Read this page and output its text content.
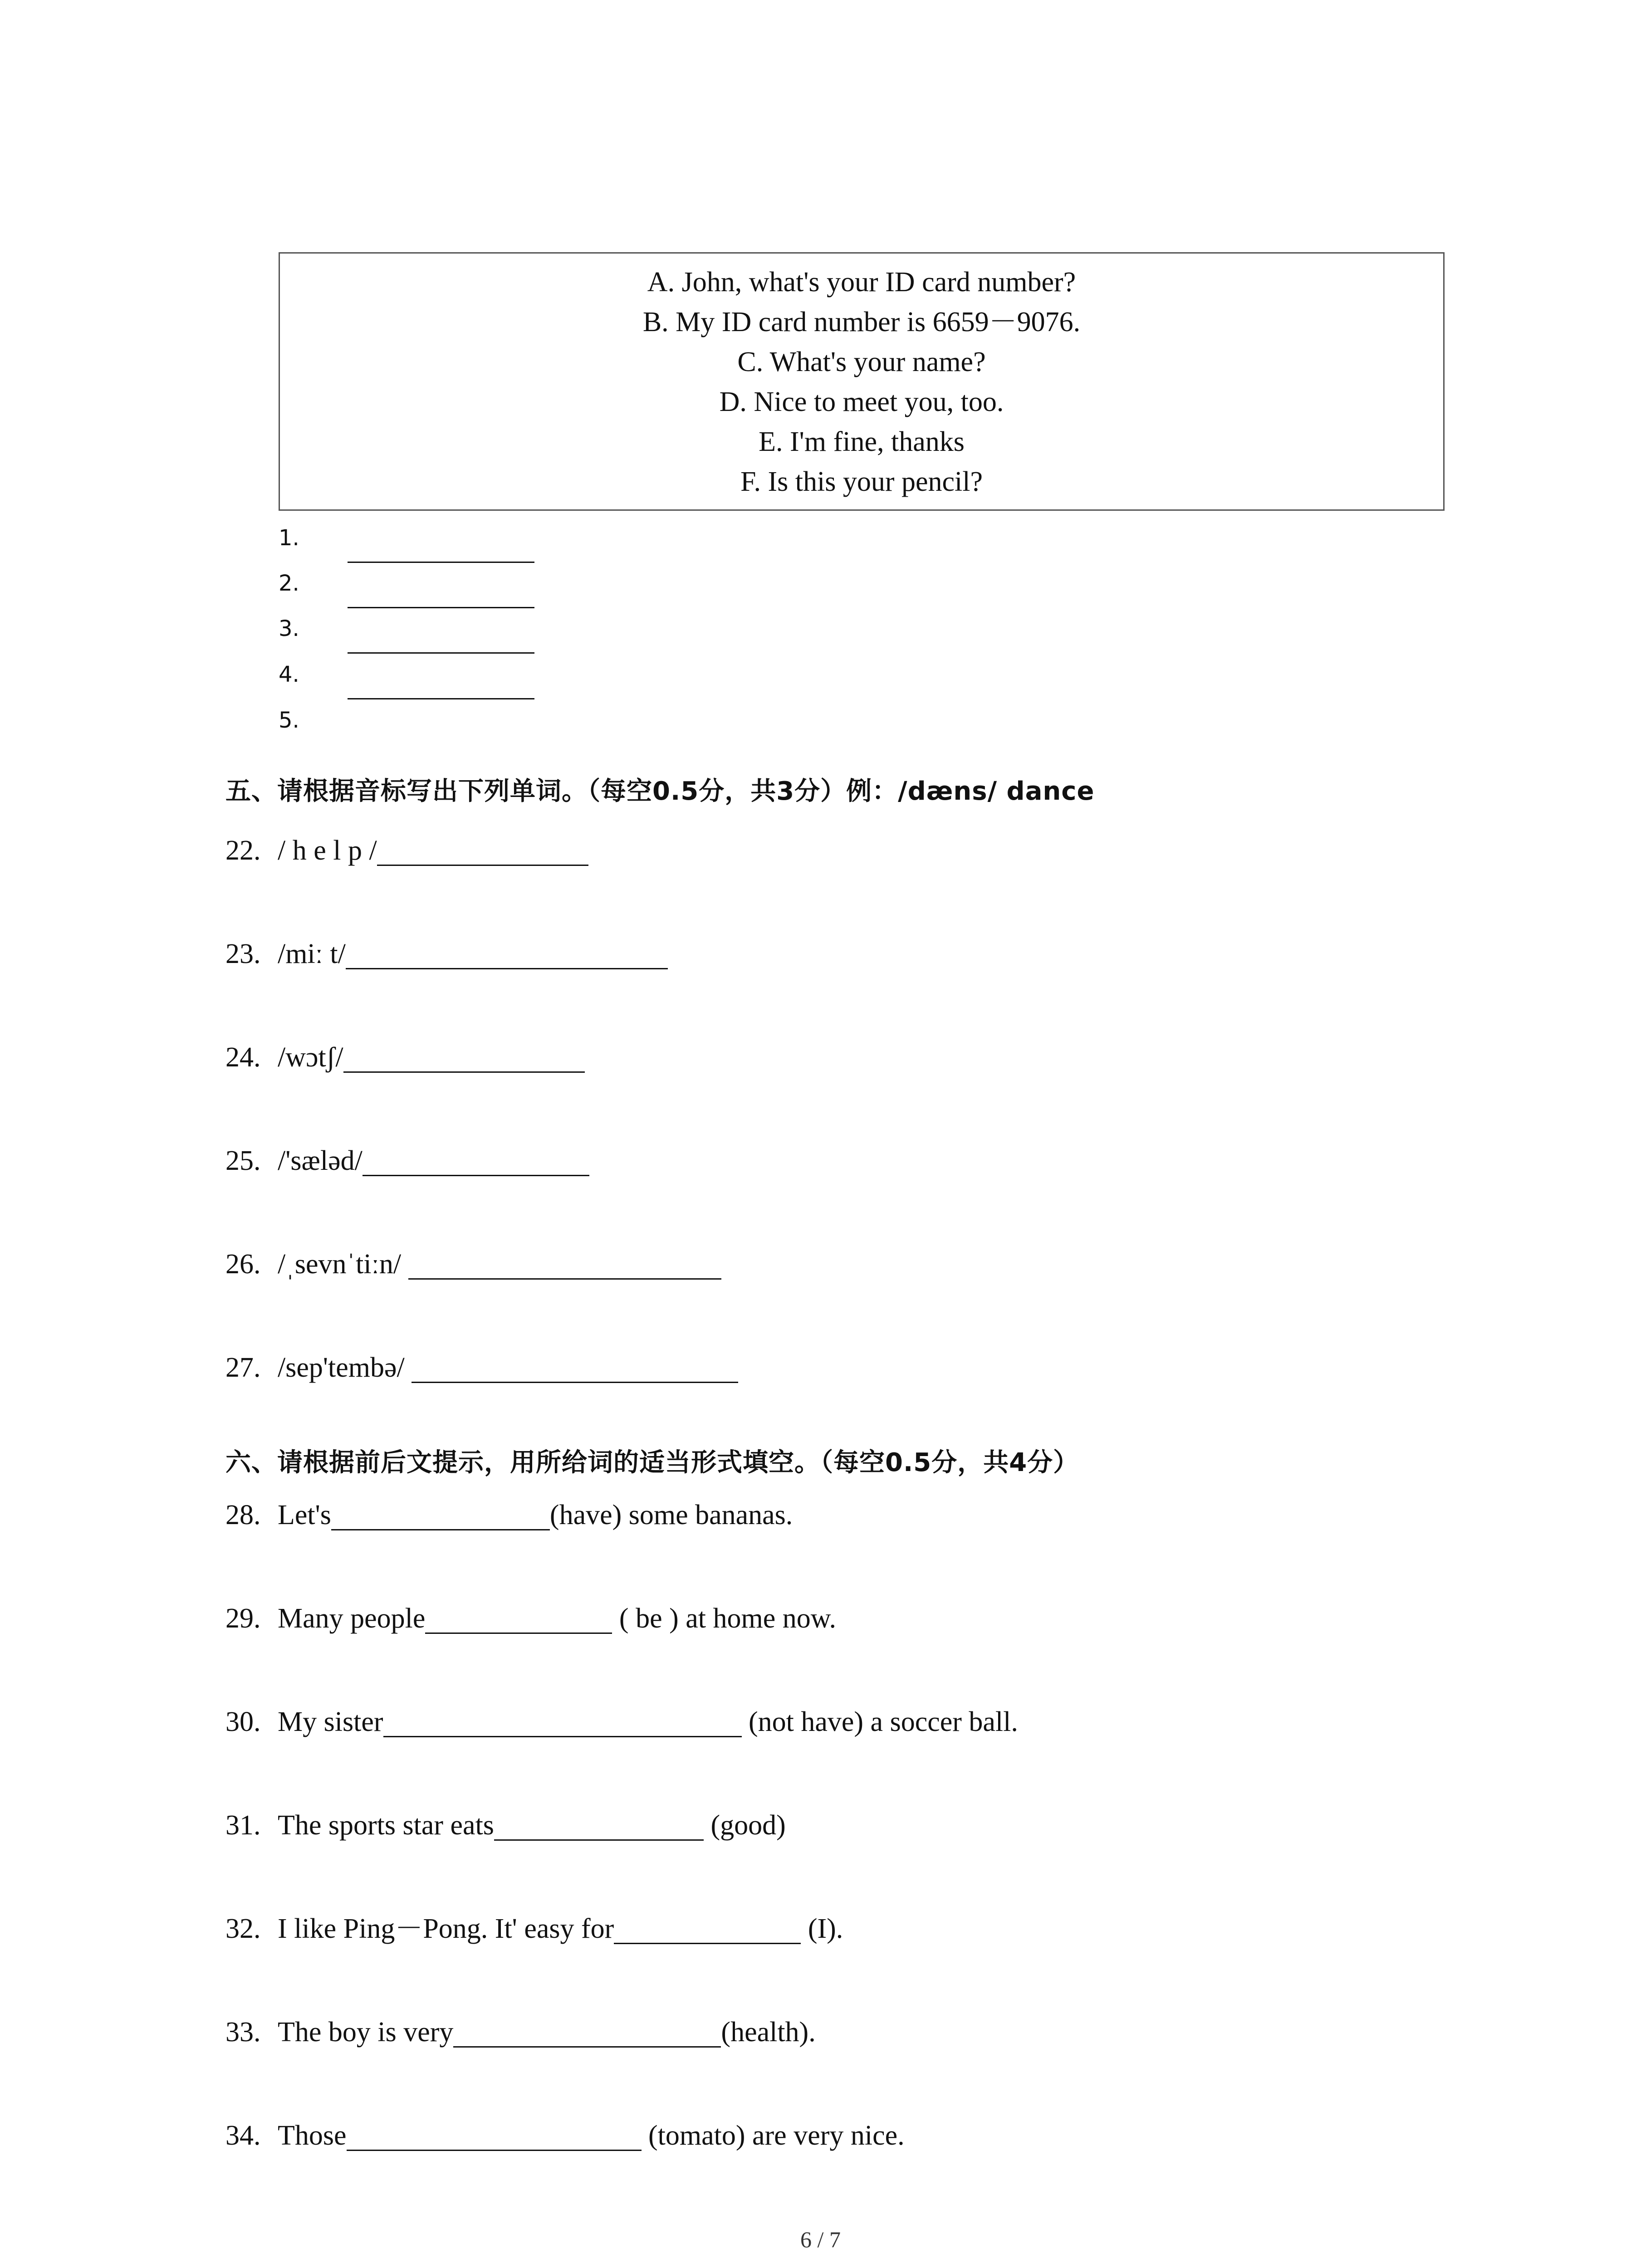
A. John, what's your ID card number?
B. My ID card number is 6659－9076.
C. What's your name?
D. Nice to meet you, too.
E. I'm fine, thanks
F. Is this your pencil?
1.
2.
3.
4.
5.
五、请根据音标写出下列单词。（每空0.5分，共3分）例：/dæns/ dance
22. / h e l p /
23. /miː t/
24. /wɔtʃ/
25. /'sæləd/
26. /ˌsevnˈtiːn/
27. /sep'tembə/
六、请根据前后文提示，用所给词的适当形式填空。（每空0.5分，共4分）
28. Let's	(have) some bananas.
29. Many people	( be ) at home now.
30. My sister	(not have) a soccer ball.
31. The sports star eats	(good)
32. I like Ping－Pong. It' easy for	(I).
33. The boy is very	(health).
34. Those	(tomato) are very nice.
6 / 7
